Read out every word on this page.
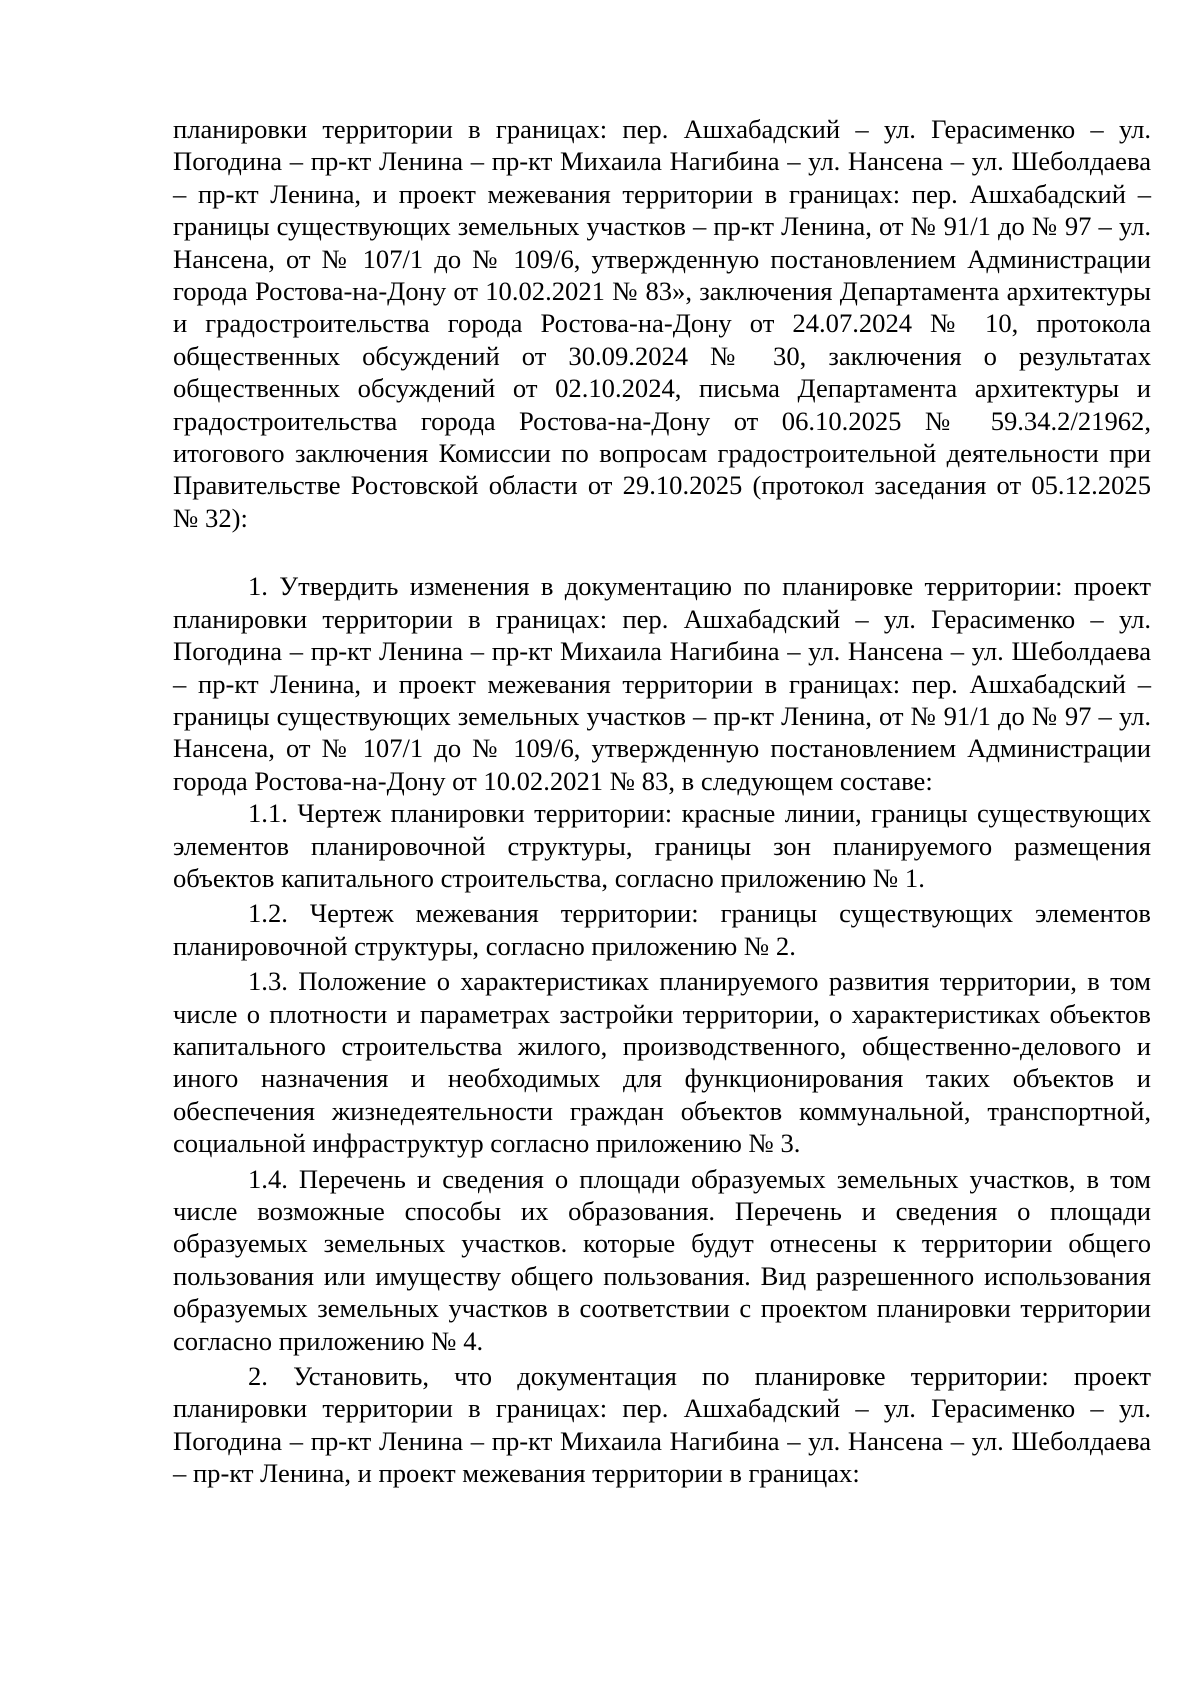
планировки территории в границах: пер. Ашхабадский – ул. Герасименко – ул. Погодина – пр-кт Ленина – пр-кт Михаила Нагибина – ул. Нансена – ул. Шеболдаева – пр-кт Ленина, и проект межевания территории в границах: пер. Ашхабадский – границы существующих земельных участков – пр-кт Ленина, от № 91/1 до № 97 – ул. Нансена, от № 107/1 до № 109/6, утвержденную постановлением Администрации города Ростова-на-Дону от 10.02.2021 № 83», заключения Департамента архитектуры и градостроительства города Ростова-на-Дону от 24.07.2024 № 10, протокола общественных обсуждений от 30.09.2024 № 30, заключения о результатах общественных обсуждений от 02.10.2024, письма Департамента архитектуры и градостроительства города Ростова-на-Дону от 06.10.2025 № 59.34.2/21962, итогового заключения Комиссии по вопросам градостроительной деятельности при Правительстве Ростовской области от 29.10.2025 (протокол заседания от 05.12.2025 № 32):

1. Утвердить изменения в документацию по планировке территории: проект планировки территории в границах: пер. Ашхабадский – ул. Герасименко – ул. Погодина – пр-кт Ленина – пр-кт Михаила Нагибина – ул. Нансена – ул. Шеболдаева – пр-кт Ленина, и проект межевания территории в границах: пер. Ашхабадский – границы существующих земельных участков – пр-кт Ленина, от № 91/1 до № 97 – ул. Нансена, от № 107/1 до № 109/6, утвержденную постановлением Администрации города Ростова-на-Дону от 10.02.2021 № 83, в следующем составе:

1.1. Чертеж планировки территории: красные линии, границы существующих элементов планировочной структуры, границы зон планируемого размещения объектов капитального строительства, согласно приложению № 1.

1.2. Чертеж межевания территории: границы существующих элементов планировочной структуры, согласно приложению № 2.

1.3. Положение о характеристиках планируемого развития территории, в том числе о плотности и параметрах застройки территории, о характеристиках объектов капитального строительства жилого, производственного, общественно-делового и иного назначения и необходимых для функционирования таких объектов и обеспечения жизнедеятельности граждан объектов коммунальной, транспортной, социальной инфраструктур согласно приложению № 3.

1.4. Перечень и сведения о площади образуемых земельных участков, в том числе возможные способы их образования. Перечень и сведения о площади образуемых земельных участков. которые будут отнесены к территории общего пользования или имуществу общего пользования. Вид разрешенного использования образуемых земельных участков в соответствии с проектом планировки территории согласно приложению № 4.

2. Установить, что документация по планировке территории: проект планировки территории в границах: пер. Ашхабадский – ул. Герасименко – ул. Погодина – пр-кт Ленина – пр-кт Михаила Нагибина – ул. Нансена – ул. Шеболдаева – пр-кт Ленина, и проект межевания территории в границах:
